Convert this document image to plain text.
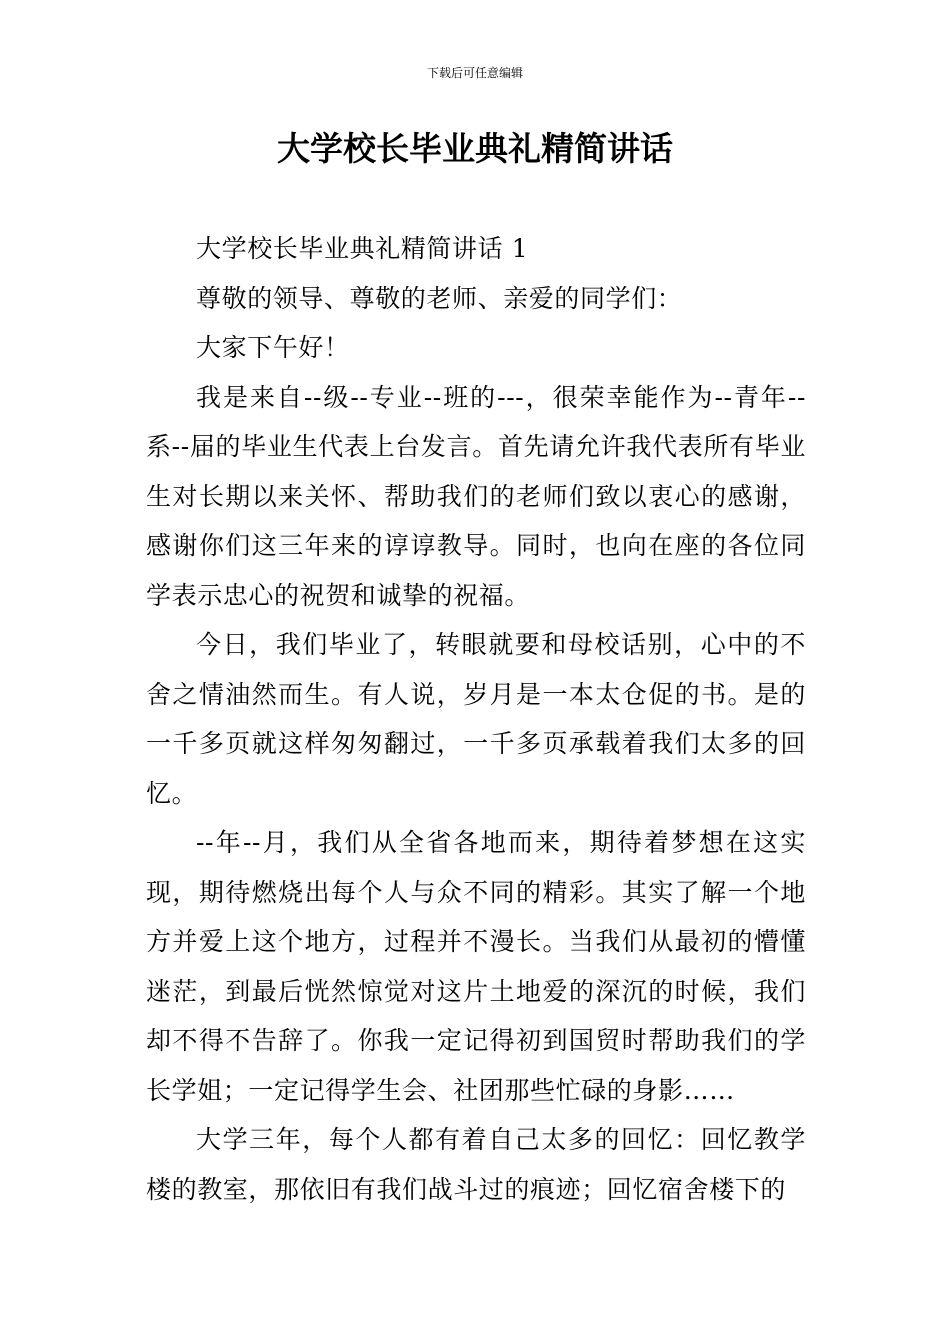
下载后可任意编辑
大学校长毕业典礼精简讲话

大学校长毕业典礼精简讲话 1

尊敬的领导、尊敬的老师、亲爱的同学们：

大家下午好！

我是来自--级--专业--班的---，很荣幸能作为--青年--系--届的毕业生代表上台发言。首先请允许我代表所有毕业生对长期以来关怀、帮助我们的老师们致以衷心的感谢，感谢你们这三年来的谆谆教导。同时，也向在座的各位同学表示忠心的祝贺和诚挚的祝福。

今日，我们毕业了，转眼就要和母校话别，心中的不舍之情油然而生。有人说，岁月是一本太仓促的书。是的一千多页就这样匆匆翻过，一千多页承载着我们太多的回忆。

--年--月，我们从全省各地而来，期待着梦想在这实现，期待燃烧出每个人与众不同的精彩。其实了解一个地方并爱上这个地方，过程并不漫长。当我们从最初的懵懂迷茫，到最后恍然惊觉对这片土地爱的深沉的时候，我们却不得不告辞了。你我一定记得初到国贸时帮助我们的学长学姐；一定记得学生会、社团那些忙碌的身影……

大学三年，每个人都有着自己太多的回忆：回忆教学楼的教室，那依旧有我们战斗过的痕迹；回忆宿舍楼下的
